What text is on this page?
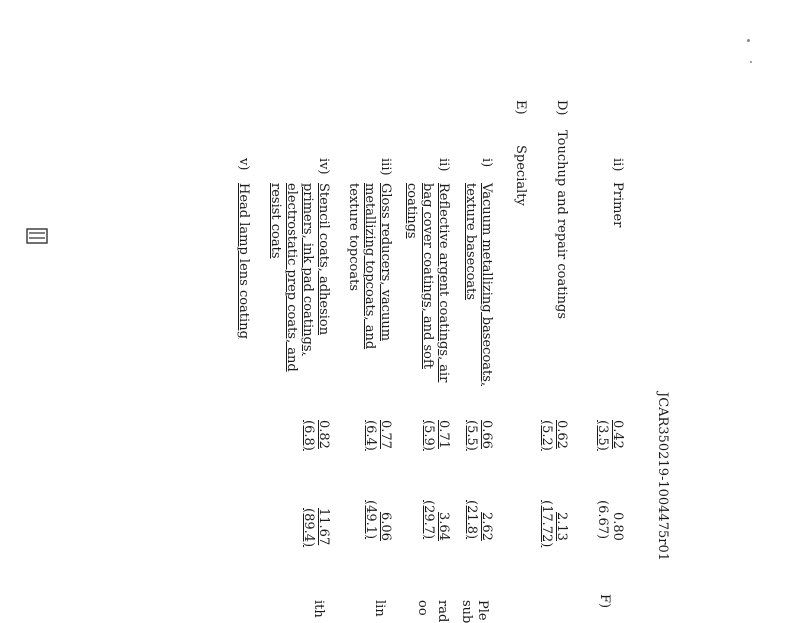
JCAR350219-1004475r01
ii)
Primer
0.42
(3.5)
0.80
(6.67)
D)
Touchup and repair coatings
0.62
(5.2)
2.13
(17.72)
E)
Specialty
i)
Vacuum metallizing basecoats,
texture basecoats
0.66
(5.5)
2.62
(21.8)
ii)
Reflective argent coatings, air
bag cover coatings, and soft
coatings
0.71
(5.9)
3.64
(29.7)
iii)
Gloss reducers, vacuum
metallizing topcoats, and
texture topcoats
0.77
(6.4)
6.06
(49.1)
iv)
Stencil coats, adhesion
primers, ink pad coatings,
electrostatic prep coats, and
resist coats
0.82
(6.8)
11.67
(89.4)
v)
Head lamp lens coating
F)
Ple
sub
rad
oo
lin
ith
